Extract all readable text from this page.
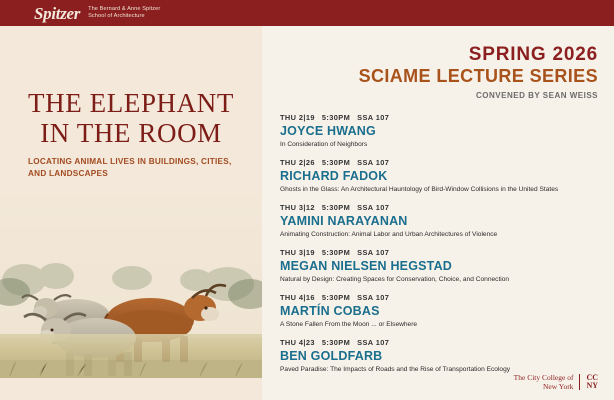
Spitzer The Bernard & Anne Spitzer
School of Architecture
THE ELEPHANT
IN THE ROOM
LOCATING ANIMAL LIVES IN BUILDINGS, CITIES, AND LANDSCAPES
SPRING 2026
SCIAME LECTURE SERIES
CONVENED BY SEAN WEISS
THU 2|19 5:30PM SSA 107
JOYCE HWANG
In Consideration of Neighbors
THU 2|26 5:30PM SSA 107
RICHARD FADOK
Ghosts in the Glass: An Architectural Hauntology of Bird-Window Collisions in the United States
THU 3|12 5:30PM SSA 107
YAMINI NARAYANAN
Animating Construction: Animal Labor and Urban Architectures of Violence
THU 3|19 5:30PM SSA 107
MEGAN NIELSEN HEGSTAD
Natural by Design: Creating Spaces for Conservation, Choice, and Connection
THU 4|16 5:30PM SSA 107
MARTÍN COBAS
A Stone Fallen From the Moon ... or Elsewhere
THU 4|23 5:30PM SSA 107
BEN GOLDFARB
Paved Paradise: The Impacts of Roads and the Rise of Transportation Ecology
The City College of
New York
CC
NY
